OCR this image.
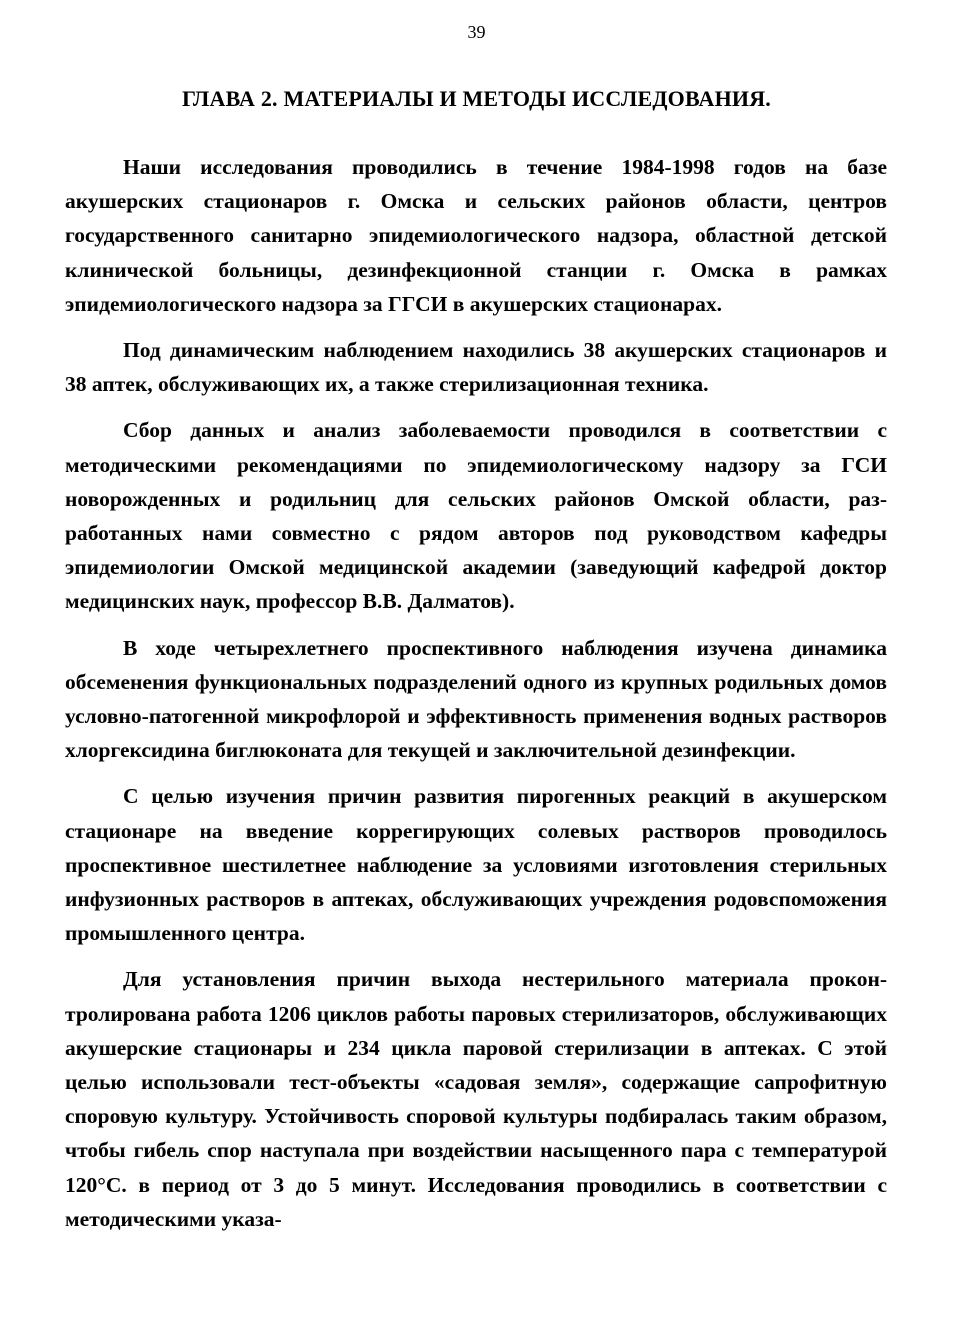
39
ГЛАВА 2. МАТЕРИАЛЫ И МЕТОДЫ ИССЛЕДОВАНИЯ.

Наши исследования проводились в течение 1984-1998 годов на базе акушерских стационаров г. Омска и сельских районов области, центров государственного санитарно эпидемиологического надзора, областной детской клинической больницы, дезинфекционной станции г. Омска в рамках эпидемиологического надзора за ГГСИ в акушерских стационарах.

Под динамическим наблюдением находились 38 акушерских стационаров и 38 аптек, обслуживающих их, а также стерилизационная техника.

Сбор данных и анализ заболеваемости проводился в соответствии с методическими рекомендациями по эпидемиологическому надзору за ГСИ новорожденных и родильниц для сельских районов Омской области, разработанных нами совместно с рядом авторов под руководством кафедры эпидемиологии Омской медицинской академии (заведующий кафедрой доктор медицинских наук, профессор В.В. Далматов).

В ходе четырехлетнего проспективного наблюдения изучена динамика обсеменения функциональных подразделений одного из крупных родильных домов условно-патогенной микрофлорой и эффективность применения водных растворов хлоргексидина биглюконата для текущей и заключительной дезинфекции.

С целью изучения причин развития пирогенных реакций в акушерском стационаре на введение коррегирующих солевых растворов проводилось проспективное шестилетнее наблюдение за условиями изготовления стерильных инфузионных растворов в аптеках, обслуживающих учреждения родовспоможения промышленного центра.

Для установления причин выхода нестерильного материала проконтролирована работа 1206 циклов работы паровых стерилизаторов, обслуживающих акушерские стационары и 234 цикла паровой стерилизации в аптеках. С этой целью использовали тест-объекты «садовая земля», содержащие сапрофитную споровую культуру. Устойчивость споровой культуры подбиралась таким образом, чтобы гибель спор наступала при воздействии насыщенного пара с температурой 120°С. в период от 3 до 5 минут. Исследования проводились в соответствии с методическими указа-
